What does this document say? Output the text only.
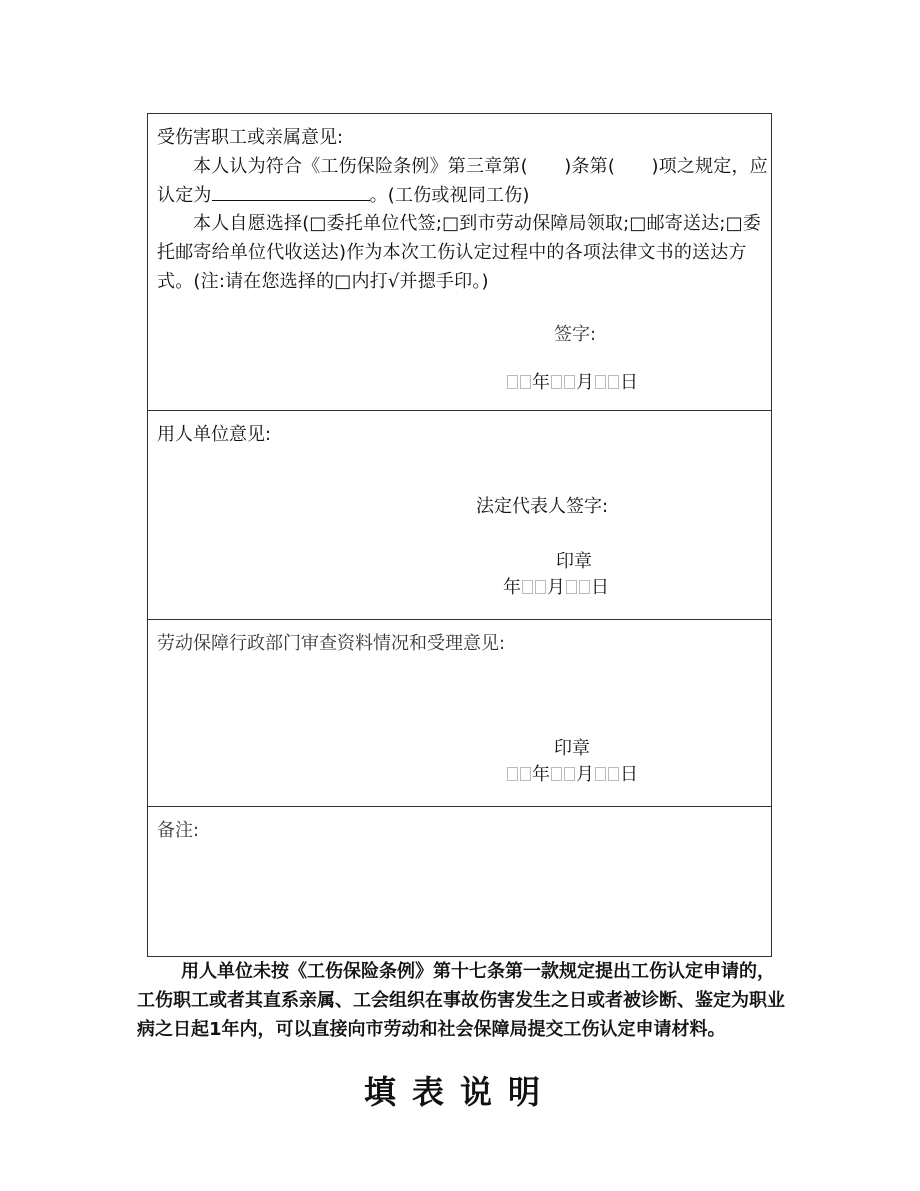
受伤害职工或亲属意见:
本人认为符合《工伤保险条例》第三章第(　　)条第(　　)项之规定，应认定为	。(工伤或视同工伤)
本人自愿选择(□委托单位代签;□到市劳动保障局领取;□邮寄送达;□委托邮寄给单位代收送达)作为本次工伤认定过程中的各项法律文书的送达方式。(注:请在您选择的□内打√并摁手印。)
签字:
年 月 日
用人单位意见:
法定代表人签字:
印章
年 月 日
劳动保障行政部门审查资料情况和受理意见:
印章
年 月 日
备注:
用人单位未按《工伤保险条例》第十七条第一款规定提出工伤认定申请的，工伤职工或者其直系亲属、工会组织在事故伤害发生之日或者被诊断、鉴定为职业病之日起1年内，可以直接向市劳动和社会保障局提交工伤认定申请材料。
填表说明
